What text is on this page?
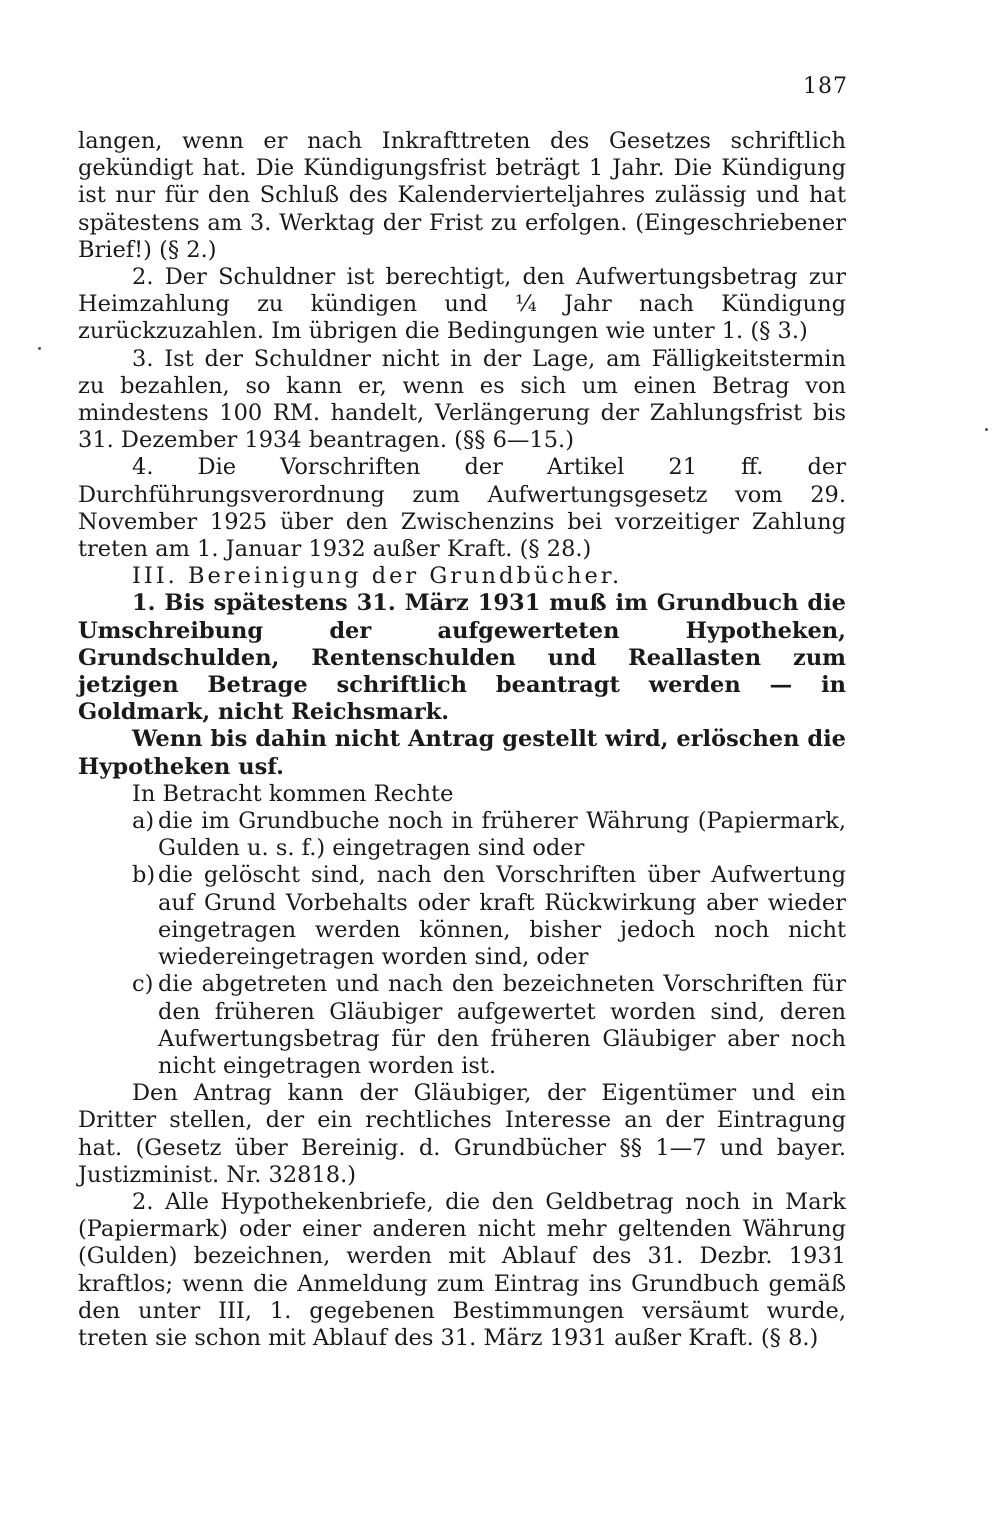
187

langen, wenn er nach Inkrafttreten des Gesetzes schriftlich gekündigt hat. Die Kündigungsfrist beträgt 1 Jahr. Die Kündigung ist nur für den Schluß des Kalendervierteljahres zulässig und hat spätestens am 3. Werktag der Frist zu erfolgen. (Eingeschriebener Brief!) (§ 2.)

2. Der Schuldner ist berechtigt, den Aufwertungsbetrag zur Heimzahlung zu kündigen und ¼ Jahr nach Kündigung zurückzuzahlen. Im übrigen die Bedingungen wie unter 1. (§ 3.)

3. Ist der Schuldner nicht in der Lage, am Fälligkeitstermin zu bezahlen, so kann er, wenn es sich um einen Betrag von mindestens 100 RM. handelt, Verlängerung der Zahlungsfrist bis 31. Dezember 1934 beantragen. (§§ 6—15.)

4. Die Vorschriften der Artikel 21 ff. der Durchführungsverordnung zum Aufwertungsgesetz vom 29. November 1925 über den Zwischenzins bei vorzeitiger Zahlung treten am 1. Januar 1932 außer Kraft. (§ 28.)

III. Bereinigung der Grundbücher.

1. Bis spätestens 31. März 1931 muß im Grundbuch die Umschreibung der aufgewerteten Hypotheken, Grundschulden, Rentenschulden und Reallasten zum jetzigen Betrage schriftlich beantragt werden — in Goldmark, nicht Reichsmark.

Wenn bis dahin nicht Antrag gestellt wird, erlöschen die Hypotheken usf.

In Betracht kommen Rechte

a) die im Grundbuche noch in früherer Währung (Papiermark, Gulden u. s. f.) eingetragen sind oder
b) die gelöscht sind, nach den Vorschriften über Aufwertung auf Grund Vorbehalts oder kraft Rückwirkung aber wieder eingetragen werden können, bisher jedoch noch nicht wiedereingetragen worden sind, oder
c) die abgetreten und nach den bezeichneten Vorschriften für den früheren Gläubiger aufgewertet worden sind, deren Aufwertungsbetrag für den früheren Gläubiger aber noch nicht eingetragen worden ist.

Den Antrag kann der Gläubiger, der Eigentümer und ein Dritter stellen, der ein rechtliches Interesse an der Eintragung hat. (Gesetz über Bereinig. d. Grundbücher §§ 1—7 und bayer. Justizminist. Nr. 32818.)

2. Alle Hypothekenbriefe, die den Geldbetrag noch in Mark (Papiermark) oder einer anderen nicht mehr geltenden Währung (Gulden) bezeichnen, werden mit Ablauf des 31. Dezbr. 1931 kraftlos; wenn die Anmeldung zum Eintrag ins Grundbuch gemäß den unter III, 1. gegebenen Bestimmungen versäumt wurde, treten sie schon mit Ablauf des 31. März 1931 außer Kraft. (§ 8.)
